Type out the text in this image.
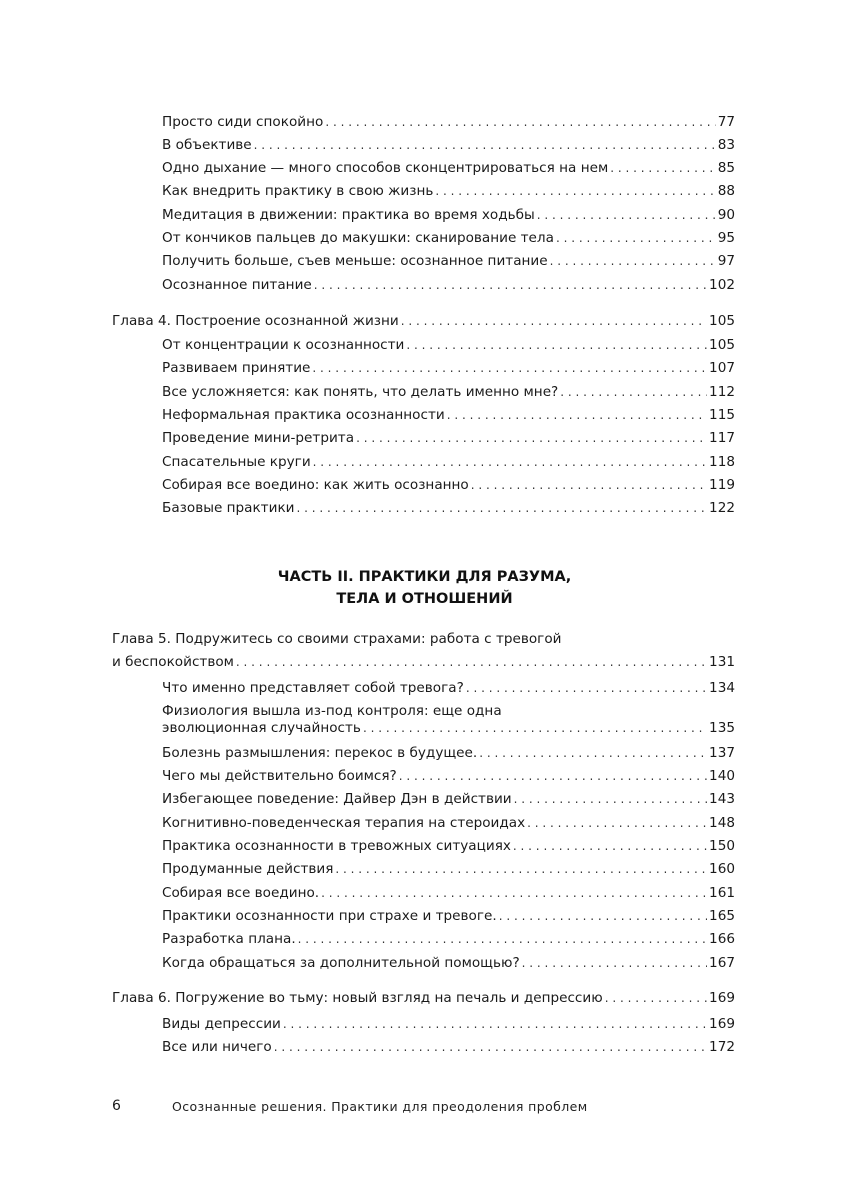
Просто сиди спокойно . . .	77
В объективе . . .	83
Одно дыхание — много способов сконцентрироваться на нем . . .	85
Как внедрить практику в свою жизнь . . .	88
Медитация в движении: практика во время ходьбы . . .	90
От кончиков пальцев до макушки: сканирование тела . . .	95
Получить больше, съев меньше: осознанное питание . . .	97
Осознанное питание . . .	102
Глава 4. Построение осознанной жизни . . .	105
От концентрации к осознанности . . .	105
Развиваем принятие . . .	107
Все усложняется: как понять, что делать именно мне? . . .	112
Неформальная практика осознанности . . .	115
Проведение мини-ретрита . . .	117
Спасательные круги . . .	118
Собирая все воедино: как жить осознанно . . .	119
Базовые практики . . .	122
ЧАСТЬ II. ПРАКТИКИ ДЛЯ РАЗУМА,
ТЕЛА И ОТНОШЕНИЙ
Глава 5. Подружитесь со своими страхами: работа с тревогой
и беспокойством . . .	131
Что именно представляет собой тревога? . . .	134
Физиология вышла из-под контроля: еще одна
эволюционная случайность . . .	135
Болезнь размышления: перекос в будущее. . . .	137
Чего мы действительно боимся? . . .	140
Избегающее поведение: Дайвер Дэн в действии . . .	143
Когнитивно-поведенческая терапия на стероидах . . .	148
Практика осознанности в тревожных ситуациях . . .	150
Продуманные действия . . .	160
Собирая все воедино. . . .	161
Практики осознанности при страхе и тревоге. . . .	165
Разработка плана. . . .	166
Когда обращаться за дополнительной помощью? . . .	167
Глава 6. Погружение во тьму: новый взгляд на печаль и депрессию . . .	169
Виды депрессии . . .	169
Все или ничего . . .	172
6	Осознанные решения. Практики для преодоления проблем
